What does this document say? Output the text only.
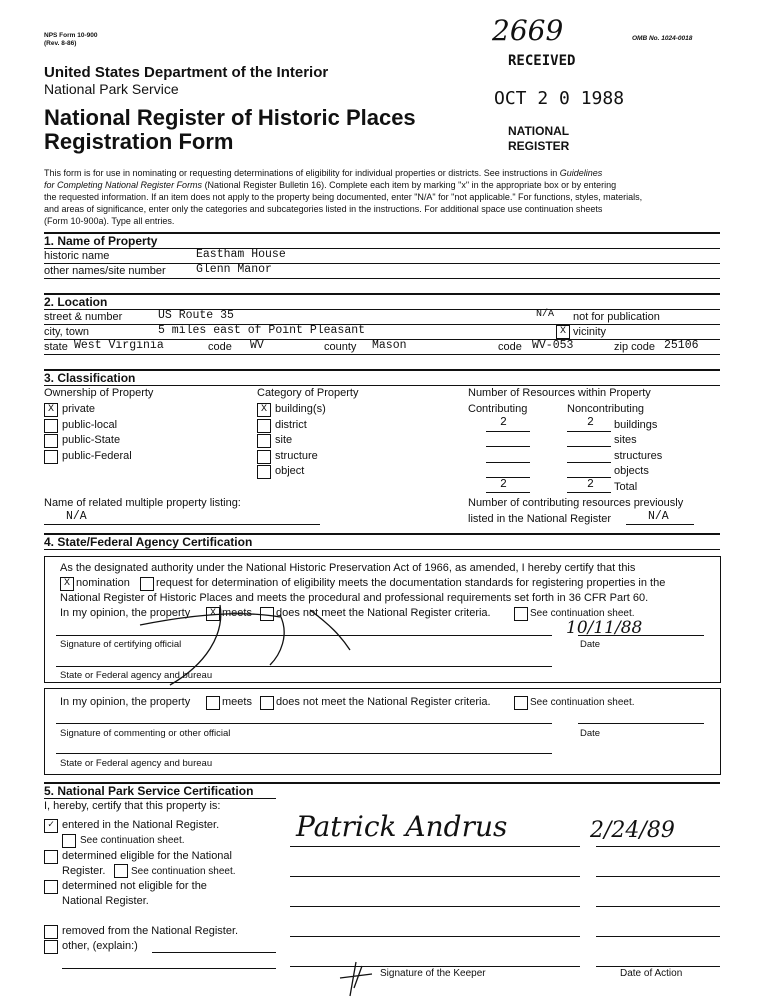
NPS Form 10-900
(Rev. 8-86)
OMB No. 1024-0018
2669
RECEIVED
OCT 2 0 1988
NATIONAL
REGISTER
United States Department of the Interior
National Park Service
National Register of Historic Places
Registration Form
This form is for use in nominating or requesting determinations of eligibility for individual properties or districts. See instructions in Guidelines
for Completing National Register Forms (National Register Bulletin 16). Complete each item by marking "x" in the appropriate box or by entering
the requested information. If an item does not apply to the property being documented, enter "N/A" for "not applicable." For functions, styles, materials,
and areas of significance, enter only the categories and subcategories listed in the instructions. For additional space use continuation sheets
(Form 10-900a). Type all entries.
1. Name of Property
historic name	Eastham House
other names/site number	Glenn Manor
2. Location
street & number	US Route 35	N/A not for publication
city, town	5 miles east of Point Pleasant	X vicinity
state West Virginia	code WV	county Mason	code WV-053	zip code 25106
3. Classification
Ownership of Property	Category of Property	Number of Resources within Property
Contributing	Noncontributing
X private
public-local
public-State
public-Federal
X building(s)
district
site
structure
object
2	2 buildings
sites
structures
objects
2	2 Total
Name of related multiple property listing:
N/A
Number of contributing resources previously
listed in the National Register	N/A
4. State/Federal Agency Certification
As the designated authority under the National Historic Preservation Act of 1966, as amended, I hereby certify that this
X nomination request for determination of eligibility meets the documentation standards for registering properties in the
National Register of Historic Places and meets the procedural and professional requirements set forth in 36 CFR Part 60.
In my opinion, the property	X meets does not meet the National Register criteria.	See continuation sheet.
10/11/88
Signature of certifying official	Date
State or Federal agency and bureau
In my opinion, the property	meets does not meet the National Register criteria.	See continuation sheet.
Signature of commenting or other official	Date
State or Federal agency and bureau
5. National Park Service Certification
I, hereby, certify that this property is:
✓ entered in the National Register.
See continuation sheet.
determined eligible for the National
Register.	See continuation sheet.
determined not eligible for the
National Register.
removed from the National Register.
other, (explain:)
Patrick Andrus	2/24/89
Signature of the Keeper	Date of Action
